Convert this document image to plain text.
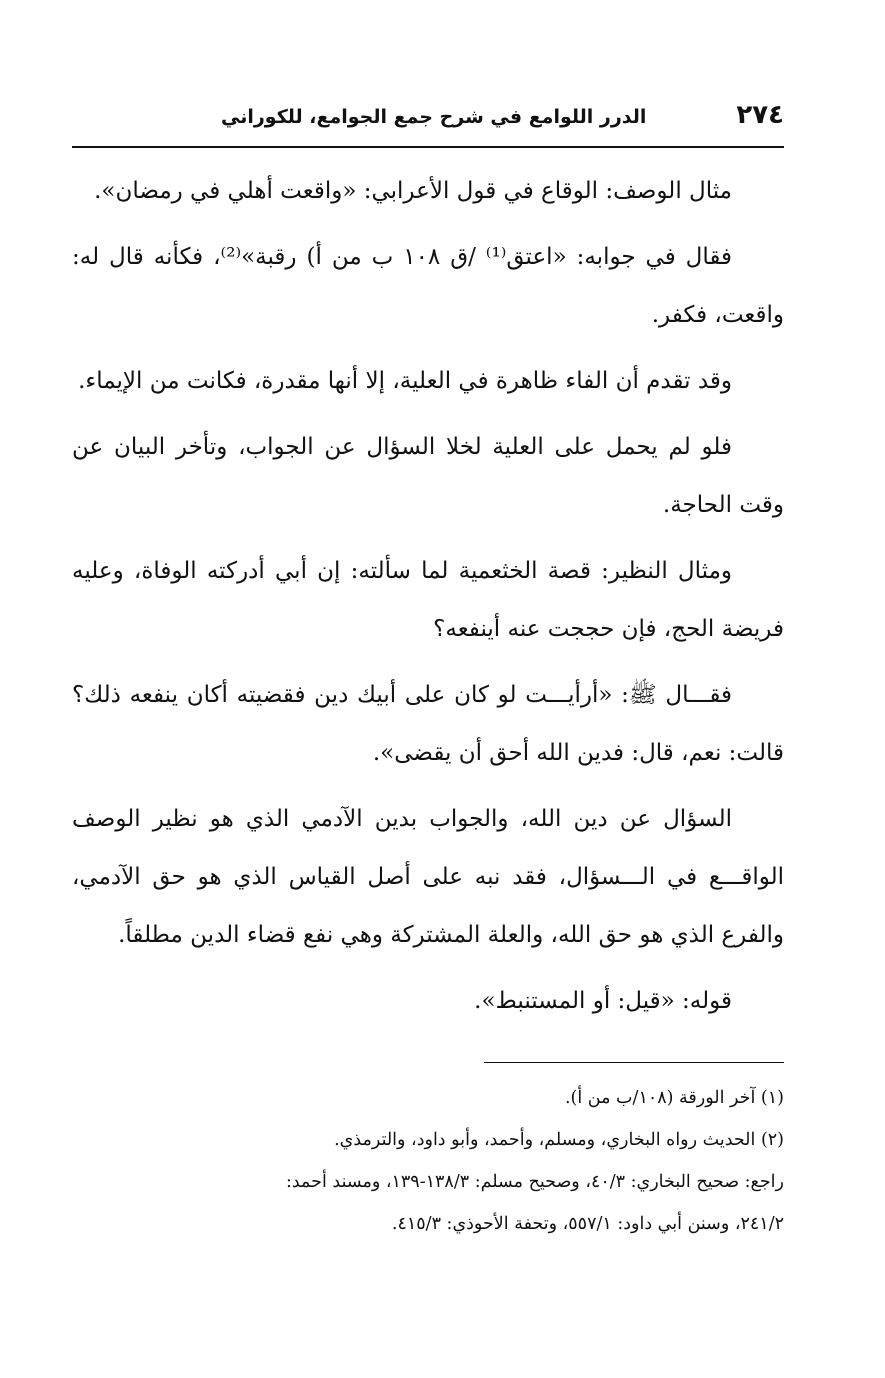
٢٧٤
الدرر اللوامع في شرح جمع الجوامع، للكوراني

مثال الوصف: الوقاع في قول الأعرابي: «واقعت أهلي في رمضان».

فقال في جوابه: «اعتق⁽¹⁾ /ق ١٠٨ ب من أ) رقبة»⁽²⁾، فكأنه قال له: واقعت، فكفر.

وقد تقدم أن الفاء ظاهرة في العلية، إلا أنها مقدرة، فكانت من الإيماء.

فلو لم يحمل على العلية لخلا السؤال عن الجواب، وتأخر البيان عن وقت الحاجة.

ومثال النظير: قصة الخثعمية لما سألته: إن أبي أدركته الوفاة، وعليه فريضة الحج، فإن حججت عنه أينفعه؟

فقـــال ﷺ: «أرأيـــت لو كان على أبيك دين فقضيته أكان ينفعه ذلك؟ قالت: نعم، قال: فدين الله أحق أن يقضى».

السؤال عن دين الله، والجواب بدين الآدمي الذي هو نظير الوصف الواقـــع في الـــسؤال، فقد نبه على أصل القياس الذي هو حق الآدمي، والفرع الذي هو حق الله، والعلة المشتركة وهي نفع قضاء الدين مطلقاً.

قوله: «قيل: أو المستنبط».

(١) آخر الورقة (١٠٨/ب من أ).

(٢) الحديث رواه البخاري، ومسلم، وأحمد، وأبو داود، والترمذي.

راجع: صحيح البخاري: ٤٠/٣، وصحيح مسلم: ١٣٨/٣-١٣٩، ومسند أحمد:

٢٤١/٢، وسنن أبي داود: ٥٥٧/١، وتحفة الأحوذي: ٤١٥/٣.
